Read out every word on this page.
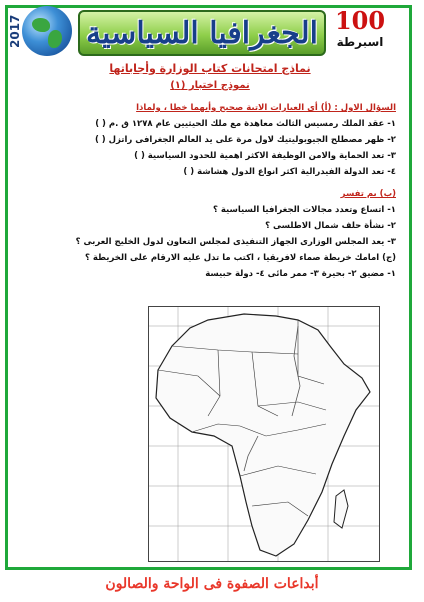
2017 الجغرافيا السياسية 100
اسبرطة
نماذج امتحانات كتاب الوزارة وأجاباتها
نموذج اختبار (١)
السؤال الاول : (أ) أى العبارات الاتية صحيح وأيهما خطا ، ولماذا
١- عقد الملك رمسيس الثالث معاهدة مع ملك الحيثيين عام ١٢٧٨ ق .م ( )
٢- ظهر مصطلح الجيوبوليتيك لاول مرة على يد العالم الجغرافى راتزل ( )
٣- تعد الحماية والامن الوظيفة الاكثر اهمية للحدود السياسية ( )
٤- تعد الدولة الفيدرالية اكثر انواع الدول هشاشة ( )
(ب) بم تفسر
١- اتساع وتعدد مجالات الجغرافيا السياسية ؟
٢- نشأة حلف شمال الاطلسى ؟
٣- يعد المجلس الوزارى الجهاز التنفيذى لمجلس التعاون لدول الخليج العربى ؟
(ج) امامك خريطة صماء لافريقيا ، اكتب ما تدل عليه الارقام على الخريطة ؟
١- مضيق ٢- بحيرة ٣- ممر مائى ٤- دولة حبيسة
أبداعات الصفوة فى الواحة والصالون
